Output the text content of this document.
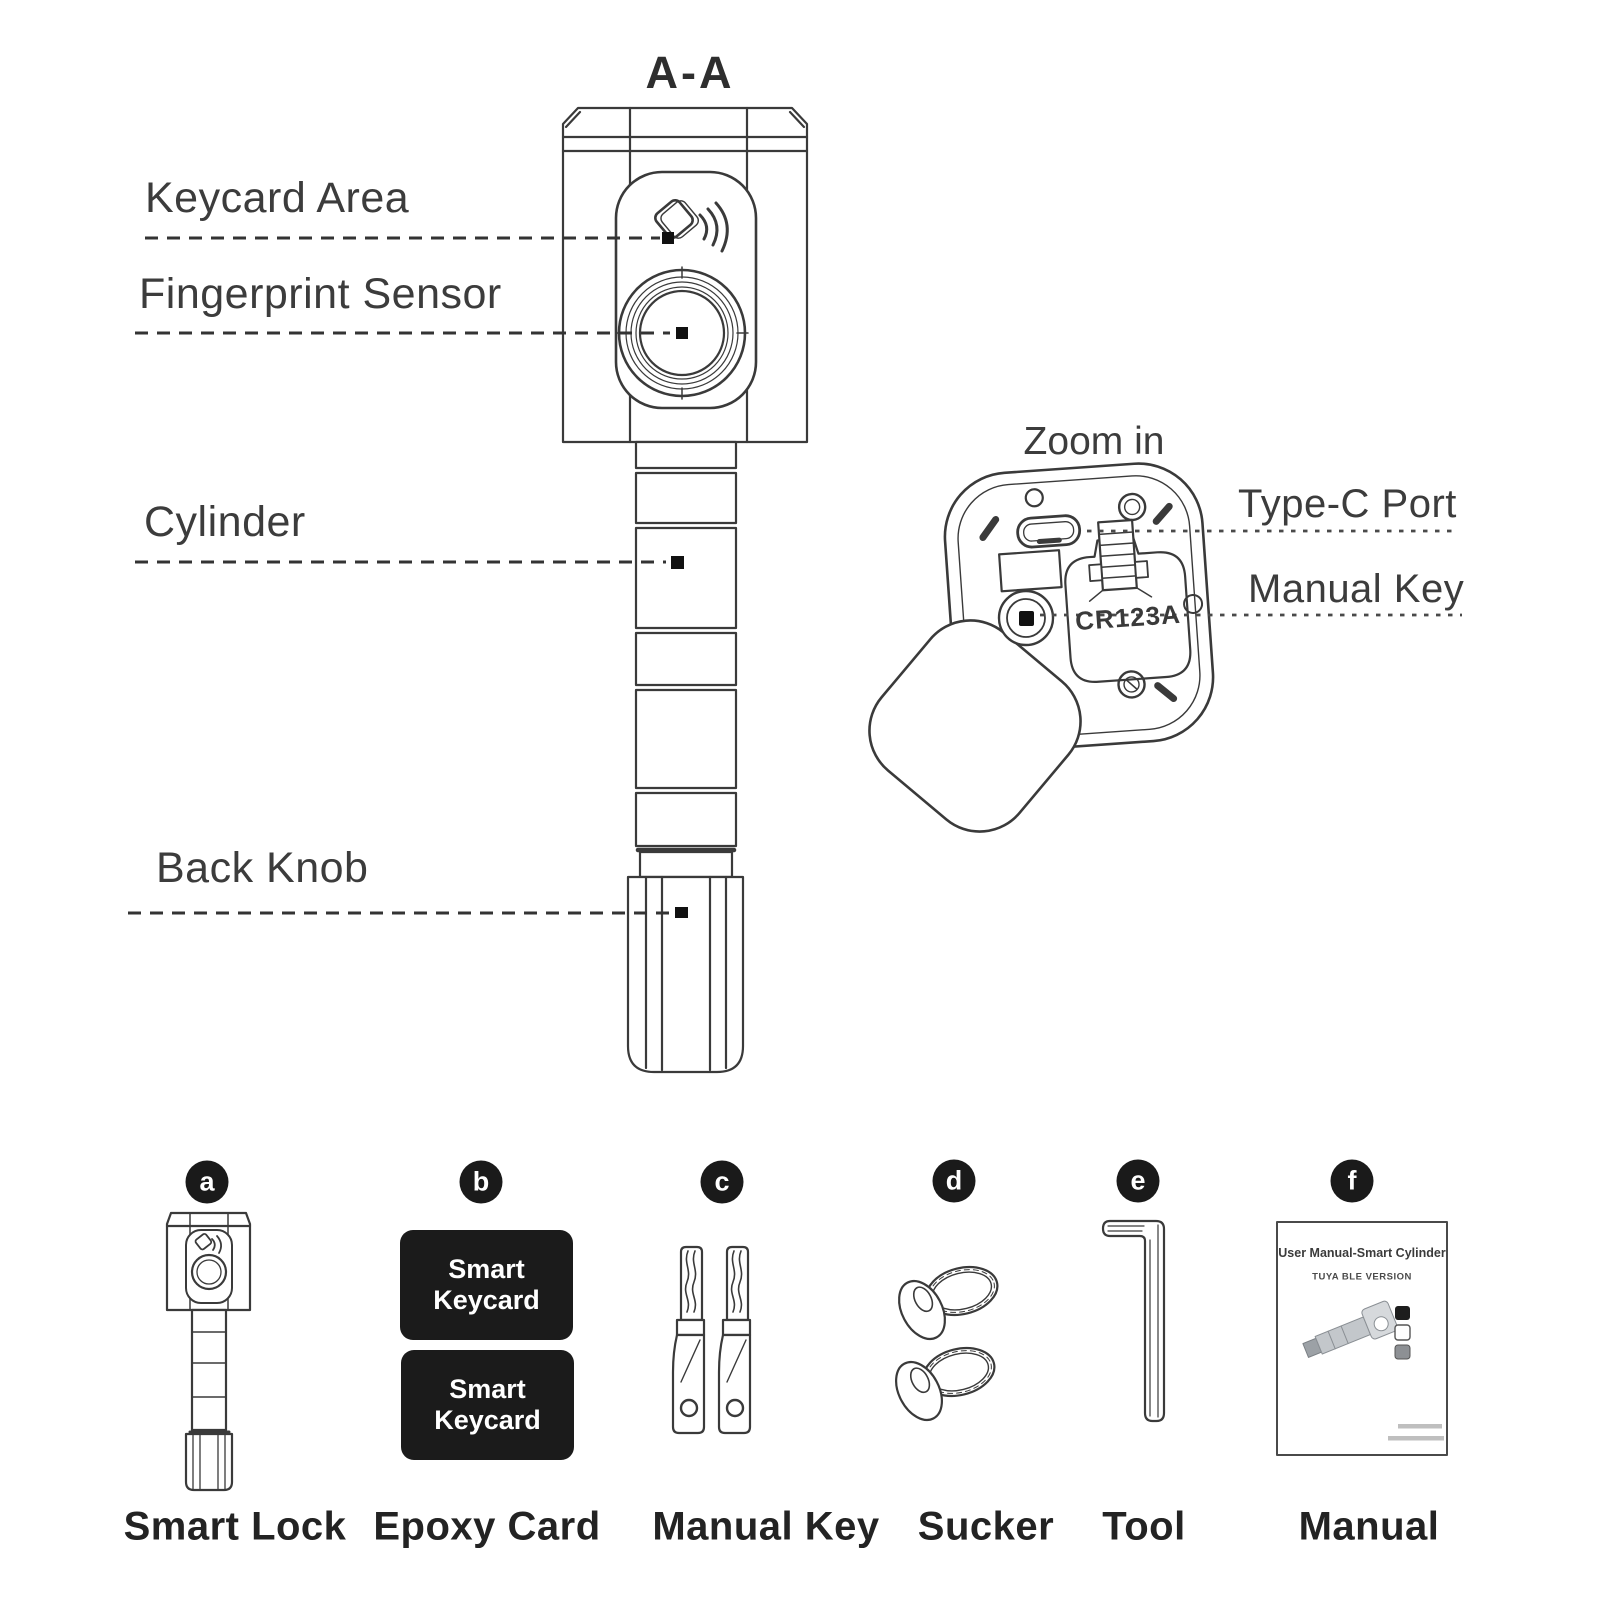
A-A
Keycard Area
Fingerprint Sensor
Cylinder
Back Knob
Zoom in
Type-C Port
Manual Key
CR123A
a	b	c	d	e	f
Smart Keycard
Smart Keycard
User Manual-Smart Cylinder
TUYA BLE VERSION
Smart Lock Epoxy Card Manual Key Sucker Tool	Manual
